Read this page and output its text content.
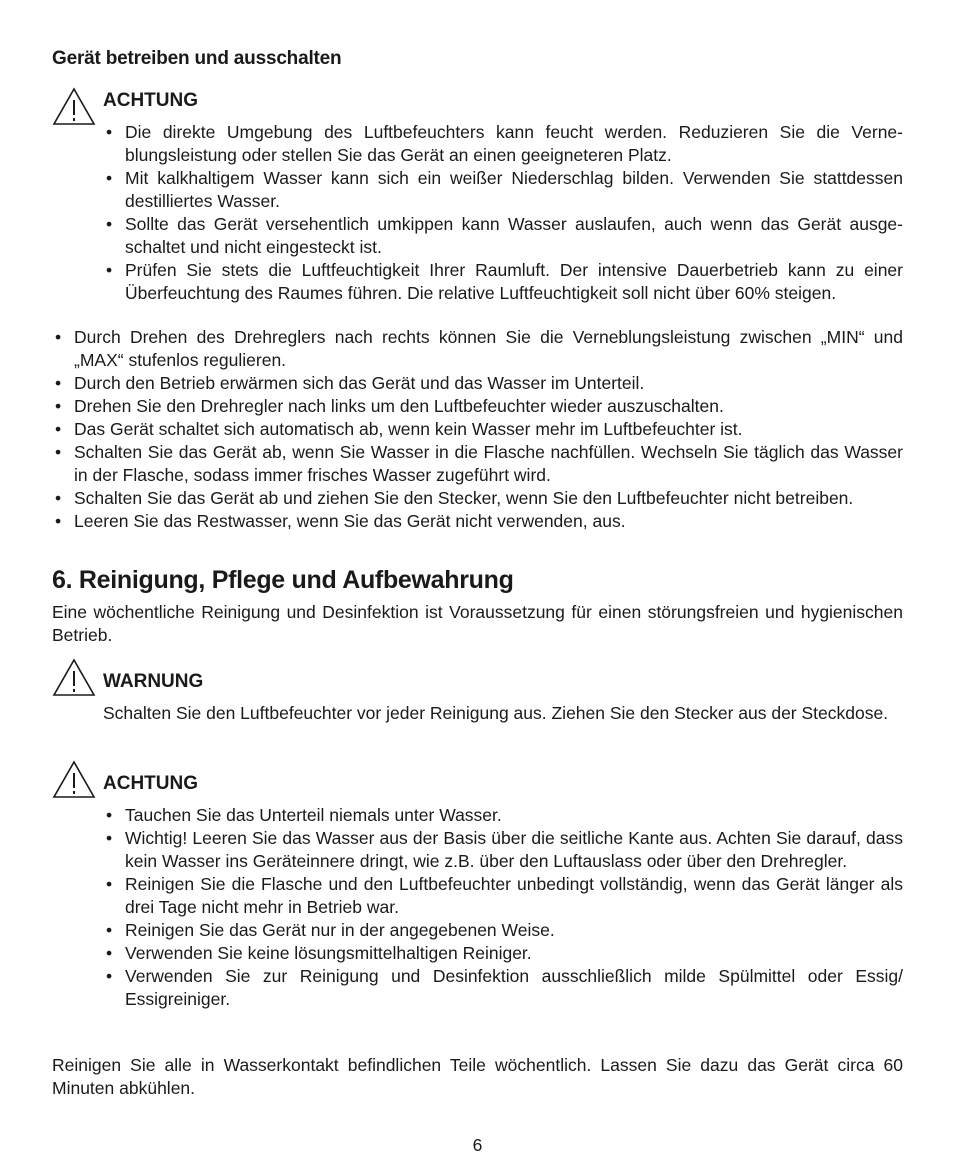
Gerät betreiben und ausschalten
ACHTUNG
• Die direkte Umgebung des Luftbefeuchters kann feucht werden. Reduzieren Sie die Verneblungsleistung oder stellen Sie das Gerät an einen geeigneteren Platz.
• Mit kalkhaltigem Wasser kann sich ein weißer Niederschlag bilden. Verwenden Sie stattdessen destilliertes Wasser.
• Sollte das Gerät versehentlich umkippen kann Wasser auslaufen, auch wenn das Gerät ausgeschaltet und nicht eingesteckt ist.
• Prüfen Sie stets die Luftfeuchtigkeit Ihrer Raumluft. Der intensive Dauerbetrieb kann zu einer Überfeuchtung des Raumes führen. Die relative Luftfeuchtigkeit soll nicht über 60% steigen.
• Durch Drehen des Drehreglers nach rechts können Sie die Verneblungsleistung zwischen „MIN“ und „MAX“ stufenlos regulieren.
• Durch den Betrieb erwärmen sich das Gerät und das Wasser im Unterteil.
• Drehen Sie den Drehregler nach links um den Luftbefeuchter wieder auszuschalten.
• Das Gerät schaltet sich automatisch ab, wenn kein Wasser mehr im Luftbefeuchter ist.
• Schalten Sie das Gerät ab, wenn Sie Wasser in die Flasche nachfüllen. Wechseln Sie täglich das Wasser in der Flasche, sodass immer frisches Wasser zugeführt wird.
• Schalten Sie das Gerät ab und ziehen Sie den Stecker, wenn Sie den Luftbefeuchter nicht betreiben.
• Leeren Sie das Restwasser, wenn Sie das Gerät nicht verwenden, aus.
6. Reinigung, Pflege und Aufbewahrung
Eine wöchentliche Reinigung und Desinfektion ist Voraussetzung für einen störungsfreien und hygienischen Betrieb.
WARNUNG
Schalten Sie den Luftbefeuchter vor jeder Reinigung aus. Ziehen Sie den Stecker aus der Steckdose.
ACHTUNG
• Tauchen Sie das Unterteil niemals unter Wasser.
• Wichtig! Leeren Sie das Wasser aus der Basis über die seitliche Kante aus. Achten Sie darauf, dass kein Wasser ins Geräteinnere dringt, wie z.B. über den Luftauslass oder über den Drehregler.
• Reinigen Sie die Flasche und den Luftbefeuchter unbedingt vollständig, wenn das Gerät länger als drei Tage nicht mehr in Betrieb war.
• Reinigen Sie das Gerät nur in der angegebenen Weise.
• Verwenden Sie keine lösungsmittelhaltigen Reiniger.
• Verwenden Sie zur Reinigung und Desinfektion ausschließlich milde Spülmittel oder Essig/ Essigreiniger.
Reinigen Sie alle in Wasserkontakt befindlichen Teile wöchentlich. Lassen Sie dazu das Gerät circa 60 Minuten abkühlen.
6
